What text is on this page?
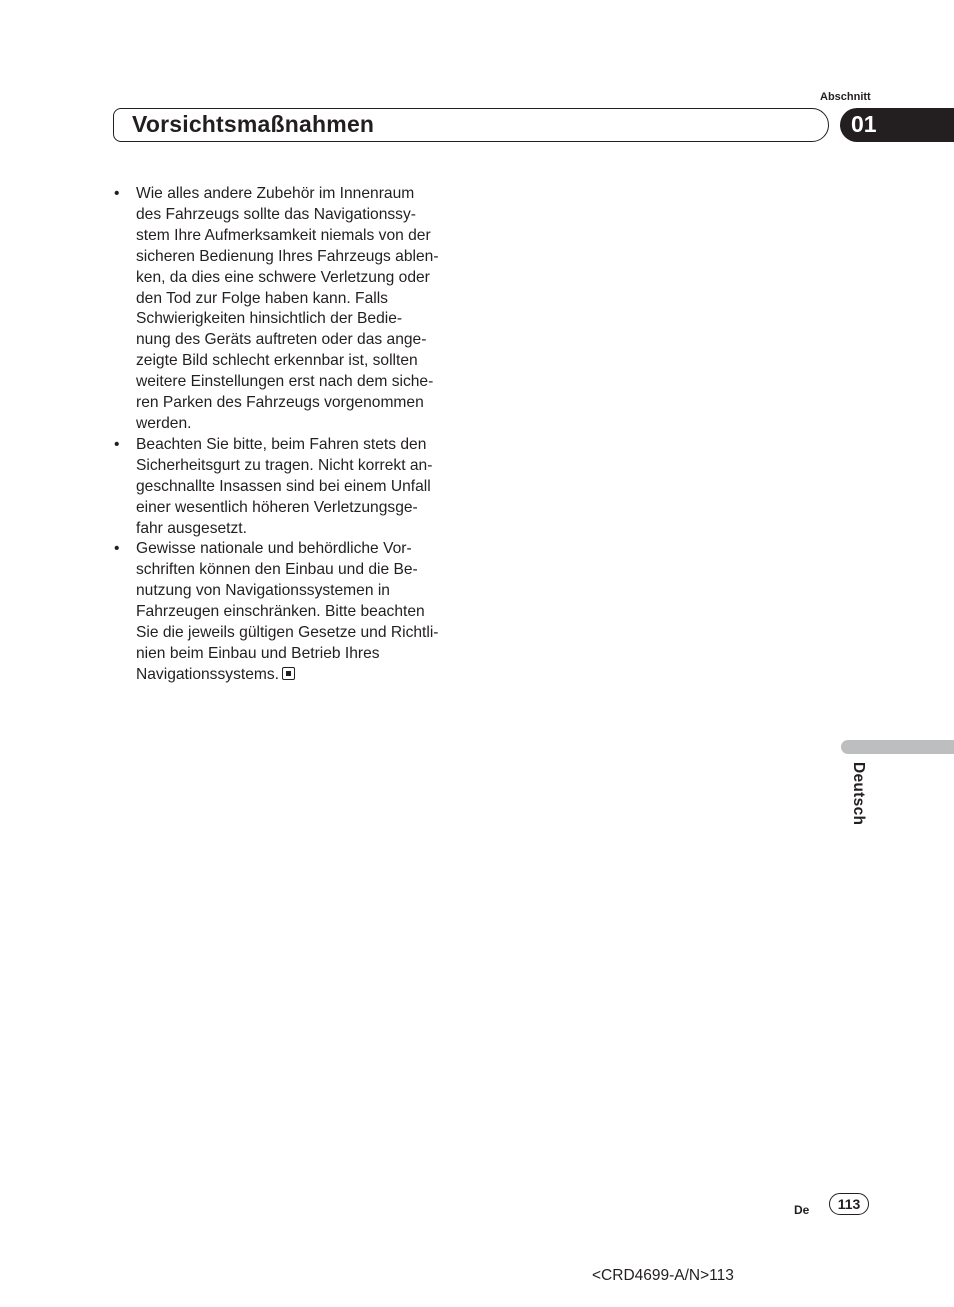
Abschnitt
Vorsichtsmaßnahmen	01
• Wie alles andere Zubehör im Innenraum
des Fahrzeugs sollte das Navigationssy-
stem Ihre Aufmerksamkeit niemals von der
sicheren Bedienung Ihres Fahrzeugs ablen-
ken, da dies eine schwere Verletzung oder
den Tod zur Folge haben kann. Falls
Schwierigkeiten hinsichtlich der Bedie-
nung des Geräts auftreten oder das ange-
zeigte Bild schlecht erkennbar ist, sollten
weitere Einstellungen erst nach dem siche-
ren Parken des Fahrzeugs vorgenommen
werden.
• Beachten Sie bitte, beim Fahren stets den
Sicherheitsgurt zu tragen. Nicht korrekt an-
geschnallte Insassen sind bei einem Unfall
einer wesentlich höheren Verletzungsge-
fahr ausgesetzt.
• Gewisse nationale und behördliche Vor-
schriften können den Einbau und die Be-
nutzung von Navigationssystemen in
Fahrzeugen einschränken. Bitte beachten
Sie die jeweils gültigen Gesetze und Richtli-
nien beim Einbau und Betrieb Ihres
Navigationssystems.
Deutsch
De	113
<CRD4699-A/N>113
